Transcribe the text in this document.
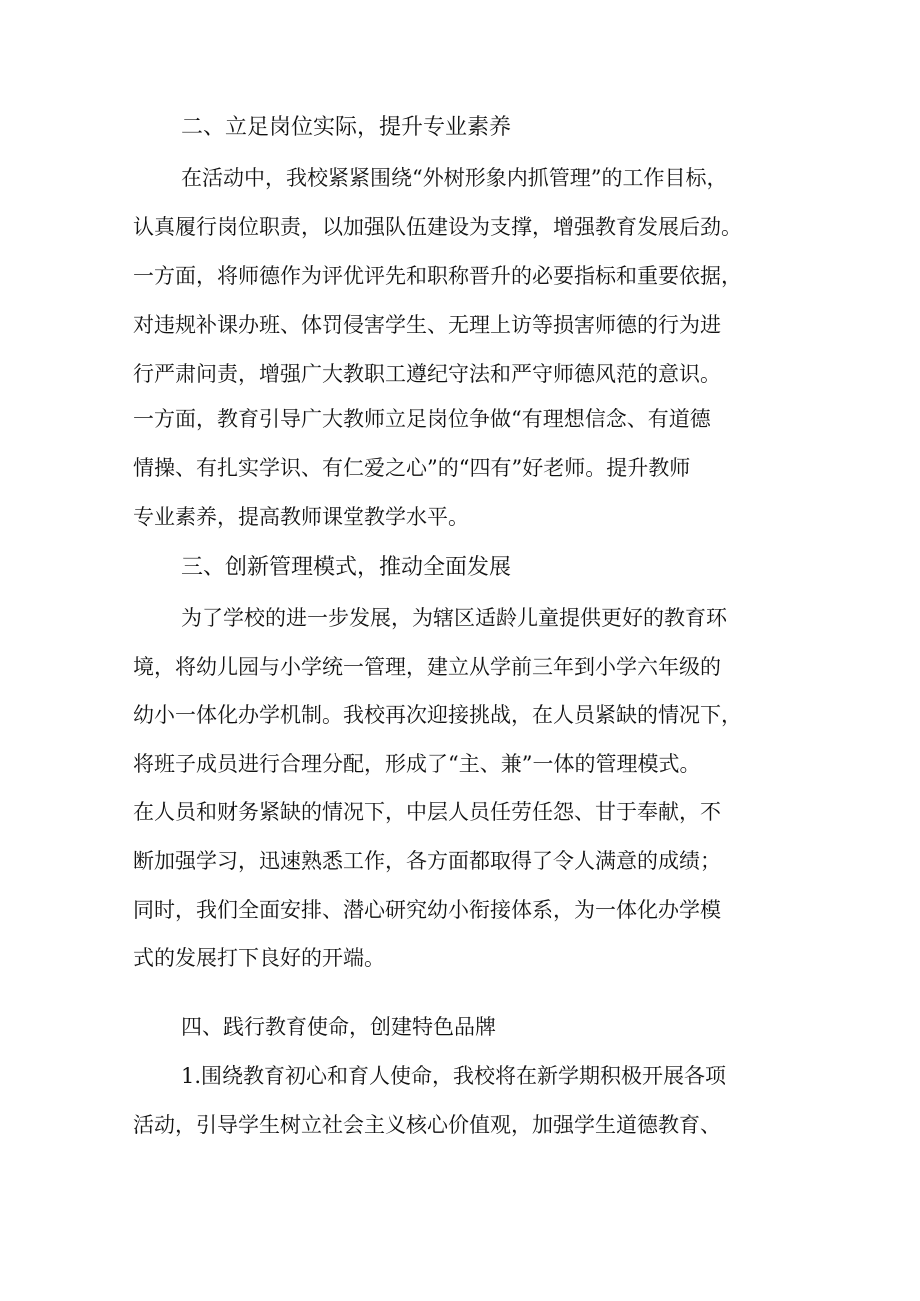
二、立足岗位实际，提升专业素养
在活动中，我校紧紧围绕“外树形象内抓管理”的工作目标，
认真履行岗位职责，以加强队伍建设为支撑，增强教育发展后劲。
一方面，将师德作为评优评先和职称晋升的必要指标和重要依据，
对违规补课办班、体罚侵害学生、无理上访等损害师德的行为进
行严肃问责，增强广大教职工遵纪守法和严守师德风范的意识。
一方面，教育引导广大教师立足岗位争做“有理想信念、有道德
情操、有扎实学识、有仁爱之心”的“四有”好老师。提升教师
专业素养，提高教师课堂教学水平。
三、创新管理模式，推动全面发展
为了学校的进一步发展，为辖区适龄儿童提供更好的教育环
境，将幼儿园与小学统一管理，建立从学前三年到小学六年级的
幼小一体化办学机制。我校再次迎接挑战，在人员紧缺的情况下，
将班子成员进行合理分配，形成了“主、兼”一体的管理模式。
在人员和财务紧缺的情况下，中层人员任劳任怨、甘于奉献，不
断加强学习，迅速熟悉工作，各方面都取得了令人满意的成绩；
同时，我们全面安排、潜心研究幼小衔接体系，为一体化办学模
式的发展打下良好的开端。
四、践行教育使命，创建特色品牌
1.围绕教育初心和育人使命，我校将在新学期积极开展各项
活动，引导学生树立社会主义核心价值观，加强学生道德教育、
